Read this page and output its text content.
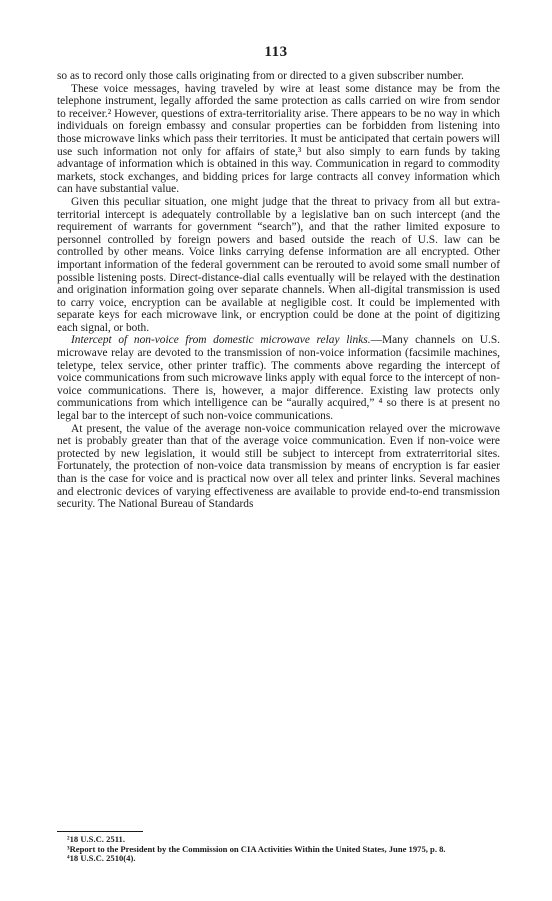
113

so as to record only those calls originating from or directed to a given subscriber number.

These voice messages, having traveled by wire at least some distance may be from the telephone instrument, legally afforded the same protection as calls carried on wire from sendor to receiver.² However, questions of extra-territoriality arise. There appears to be no way in which individuals on foreign embassy and consular properties can be forbidden from listening into those microwave links which pass their territories. It must be anticipated that certain powers will use such information not only for affairs of state,³ but also simply to earn funds by taking advantage of information which is obtained in this way. Communication in regard to commodity markets, stock exchanges, and bidding prices for large contracts all convey information which can have substantial value.

Given this peculiar situation, one might judge that the threat to privacy from all but extra-territorial intercept is adequately controllable by a legislative ban on such intercept (and the requirement of warrants for government “search”), and that the rather limited exposure to personnel controlled by foreign powers and based outside the reach of U.S. law can be controlled by other means. Voice links carrying defense information are all encrypted. Other important information of the federal government can be rerouted to avoid some small number of possible listening posts. Direct-distance-dial calls eventually will be relayed with the destination and origination information going over separate channels. When all-digital transmission is used to carry voice, encryption can be available at negligible cost. It could be implemented with separate keys for each microwave link, or encryption could be done at the point of digitizing each signal, or both.

Intercept of non-voice from domestic microwave relay links.—Many channels on U.S. microwave relay are devoted to the transmission of non-voice information (facsimile machines, teletype, telex service, other printer traffic). The comments above regarding the intercept of voice communications from such microwave links apply with equal force to the intercept of non-voice communications. There is, however, a major difference. Existing law protects only communications from which intelligence can be “aurally acquired,” ⁴ so there is at present no legal bar to the intercept of such non-voice communications.

At present, the value of the average non-voice communication relayed over the microwave net is probably greater than that of the average voice communication. Even if non-voice were protected by new legislation, it would still be subject to intercept from extraterritorial sites. Fortunately, the protection of non-voice data transmission by means of encryption is far easier than is the case for voice and is practical now over all telex and printer links. Several machines and electronic devices of varying effectiveness are available to provide end-to-end transmission security. The National Bureau of Standards

²18 U.S.C. 2511.

³Report to the President by the Commission on CIA Activities Within the United States, June 1975, p. 8.

⁴18 U.S.C. 2510(4).
